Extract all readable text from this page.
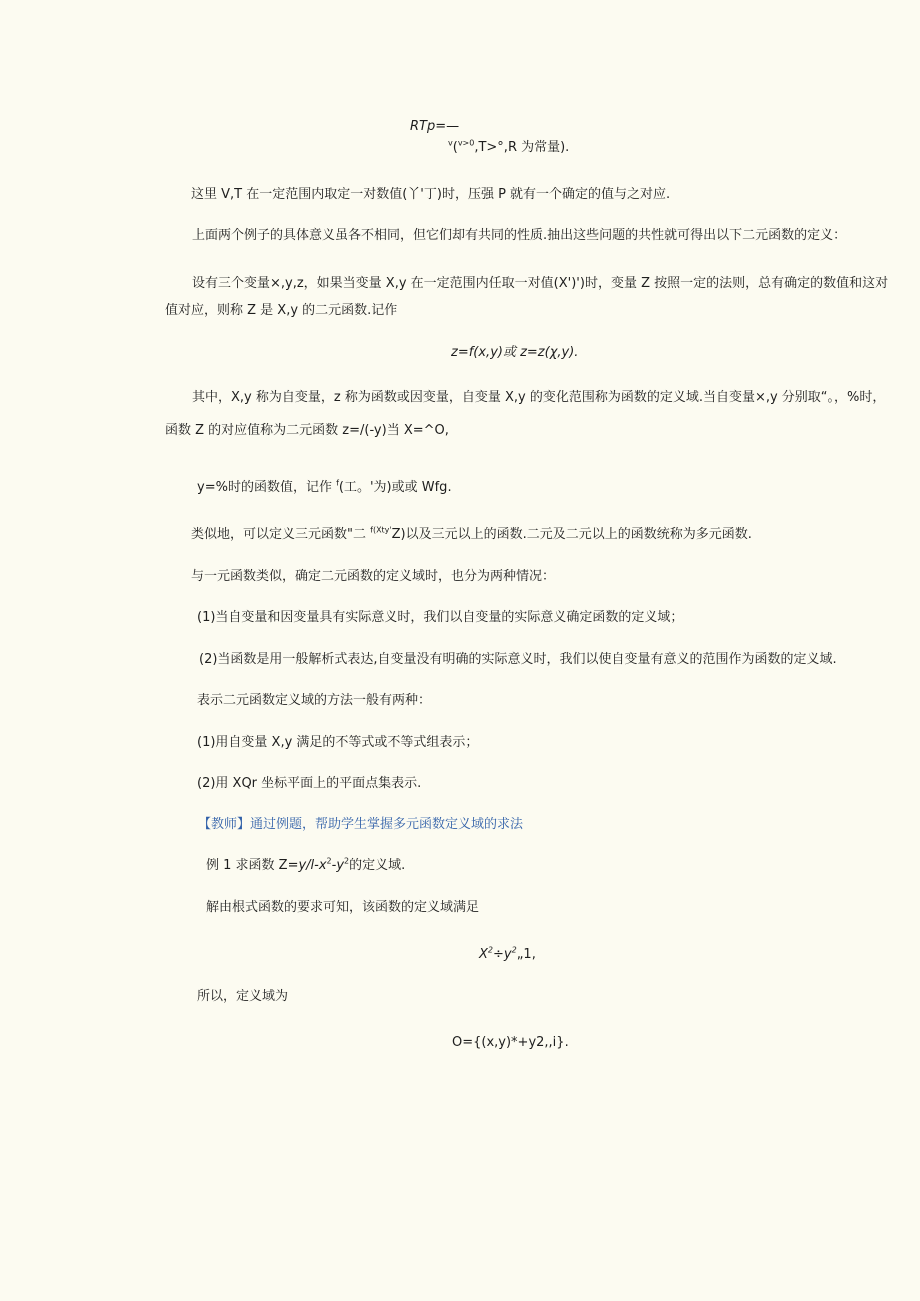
RTp=—
$^v$($^{v>0}$,T>°,R 为常量).
这里 V,T 在一定范围内取定一对数值(丫'丁)时，压强 P 就有一个确定的值与之对应.
上面两个例子的具体意义虽各不相同，但它们却有共同的性质.抽出这些问题的共性就可得出以下二元函数的定义：
设有三个变量×,y,z，如果当变量 X,y 在一定范围内任取一对值(X')')时，变量 Z 按照一定的法则，总有确定的数值和这对
值对应，则称 Z 是 X,y 的二元函数.记作
z=f(x,y)或 z=z(χ,y).
其中，X,y 称为自变量，z 称为函数或因变量，自变量 X,y 的变化范围称为函数的定义域.当自变量×,y 分别取“。，%时，
函数 Z 的对应值称为二元函数 z=/(-y)当 X=^O,
y=%时的函数值，记作 $^f$(工。'为)或或 Wfg.
类似地，可以定义三元函数"二 $^{f(Xty'}$Z)以及三元以上的函数.二元及二元以上的函数统称为多元函数.
与一元函数类似，确定二元函数的定义域时，也分为两种情况：
(1)当自变量和因变量具有实际意义时，我们以自变量的实际意义确定函数的定义域；
(2)当函数是用一般解析式表达,自变量没有明确的实际意义时，我们以使自变量有意义的范围作为函数的定义域.
表示二元函数定义域的方法一般有两种：
(1)用自变量 X,y 满足的不等式或不等式组表示；
(2)用 XQr 坐标平面上的平面点集表示.
【教师】通过例题，帮助学生掌握多元函数定义域的求法
例 1 求函数 $Z=y/l-x^2-y^2$的定义域.
解由根式函数的要求可知，该函数的定义域满足
$X^2\div y^2„1$,
所以，定义域为
O={(x,y)*+y2,,i}.
